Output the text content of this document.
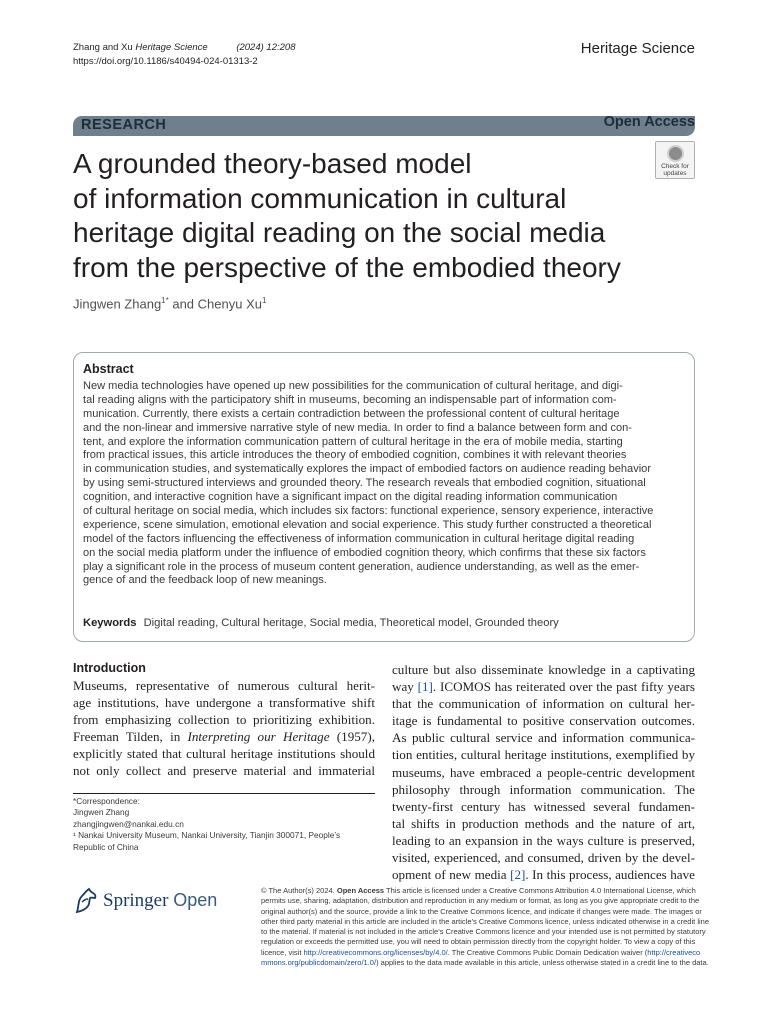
Zhang and Xu Heritage Science	(2024) 12:208
https://doi.org/10.1186/s40494-024-01313-2
Heritage Science
RESEARCH	Open Access
A grounded theory-based model
of information communication in cultural
heritage digital reading on the social media
from the perspective of the embodied theory
Check for
updates
Jingwen Zhang$^{1*}$ and Chenyu Xu$^1$
Abstract
New media technologies have opened up new possibilities for the communication of cultural heritage, and digi-
tal reading aligns with the participatory shift in museums, becoming an indispensable part of information com-
munication. Currently, there exists a certain contradiction between the professional content of cultural heritage
and the non-linear and immersive narrative style of new media. In order to find a balance between form and con-
tent, and explore the information communication pattern of cultural heritage in the era of mobile media, starting
from practical issues, this article introduces the theory of embodied cognition, combines it with relevant theories
in communication studies, and systematically explores the impact of embodied factors on audience reading behavior
by using semi-structured interviews and grounded theory. The research reveals that embodied cognition, situational
cognition, and interactive cognition have a significant impact on the digital reading information communication
of cultural heritage on social media, which includes six factors: functional experience, sensory experience, interactive
experience, scene simulation, emotional elevation and social experience. This study further constructed a theoretical
model of the factors influencing the effectiveness of information communication in cultural heritage digital reading
on the social media platform under the influence of embodied cognition theory, which confirms that these six factors
play a significant role in the process of museum content generation, audience understanding, as well as the emer-
gence of and the feedback loop of new meanings.
Keywords Digital reading, Cultural heritage, Social media, Theoretical model, Grounded theory
Introduction
Museums, representative of numerous cultural herit-
age institutions, have undergone a transformative shift
from emphasizing collection to prioritizing exhibition.
Freeman Tilden, in Interpreting our Heritage (1957),
explicitly stated that cultural heritage institutions should
not only collect and preserve material and immaterial
culture but also disseminate knowledge in a captivating
way [1]. ICOMOS has reiterated over the past fifty years
that the communication of information on cultural her-
itage is fundamental to positive conservation outcomes.
As public cultural service and information communica-
tion entities, cultural heritage institutions, exemplified by
museums, have embraced a people-centric development
philosophy through information communication. The
twenty-first century has witnessed several fundamen-
tal shifts in production methods and the nature of art,
leading to an expansion in the ways culture is preserved,
visited, experienced, and consumed, driven by the devel-
opment of new media [2]. In this process, audiences have
*Correspondence:
Jingwen Zhang
zhangjingwen@nankai.edu.cn
¹ Nankai University Museum, Nankai University, Tianjin 300071, People’s
Republic of China
Springer Open	© The Author(s) 2024. Open Access This article is licensed under a Creative Commons Attribution 4.0 International License, which
permits use, sharing, adaptation, distribution and reproduction in any medium or format, as long as you give appropriate credit to the
original author(s) and the source, provide a link to the Creative Commons licence, and indicate if changes were made. The images or
other third party material in this article are included in the article’s Creative Commons licence, unless indicated otherwise in a credit line
to the material. If material is not included in the article’s Creative Commons licence and your intended use is not permitted by statutory
regulation or exceeds the permitted use, you will need to obtain permission directly from the copyright holder. To view a copy of this
licence, visit http://creativecommons.org/licenses/by/4.0/. The Creative Commons Public Domain Dedication waiver (http://creativeco
mmons.org/publicdomain/zero/1.0/) applies to the data made available in this article, unless otherwise stated in a credit line to the data.
